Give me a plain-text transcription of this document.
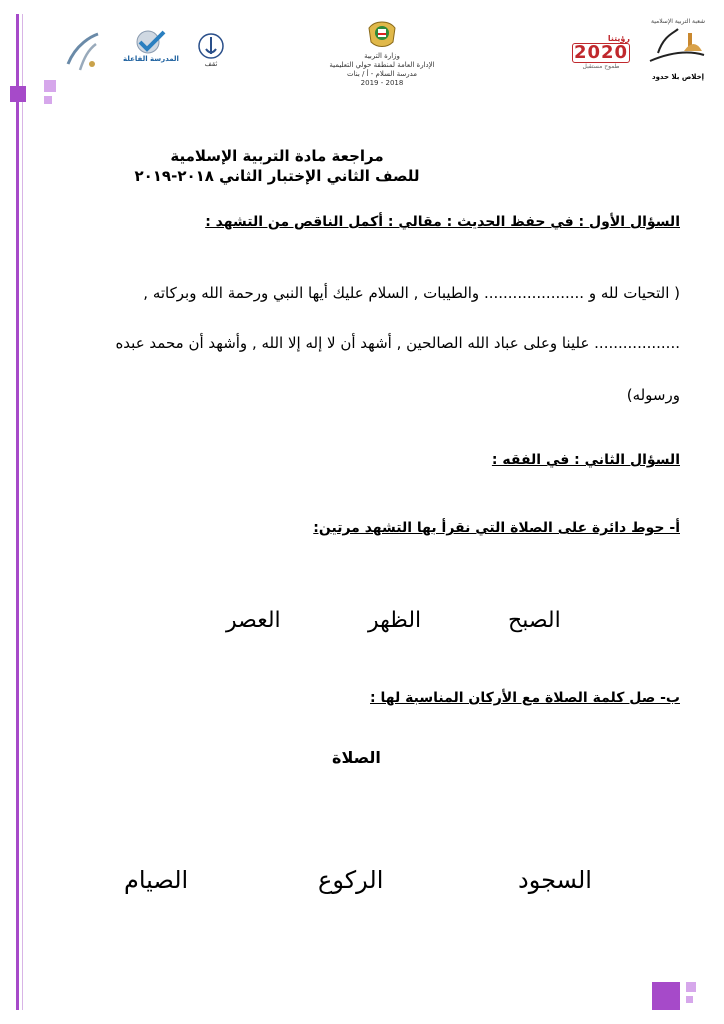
المدرسة الفاعلة
ثقف
وزارة التربية
الإدارة العامة لمنطقة حولي التعليمية
مدرسة السلام - أ / بنات
2018 - 2019
رؤيتنا
2020
طموح مستقبل
شعبة التربية الإسلامية
إخلاص بلا حدود
مراجعة مادة التربية الإسلامية
للصف الثاني الإختبار الثاني ٢٠١٨-٢٠١٩
السؤال الأول : في حفظ الحديث : مقالي : أكمل الناقص من التشهد :
( التحيات لله و ..................... والطيبات , السلام عليك أيها النبي ورحمة الله وبركاته ,
.................. علينا وعلى عباد الله الصالحين , أشهد أن لا إله إلا الله , وأشهد أن محمد عبده
ورسوله)
السؤال الثاني : في الفقه :
أ- حوط دائرة على الصلاة التي نقرأ بها التشهد مرتين:
الصبح
الظهر
العصر
ب- صل كلمة الصلاة مع الأركان المناسبة لها :
الصلاة
السجود
الركوع
الصيام
